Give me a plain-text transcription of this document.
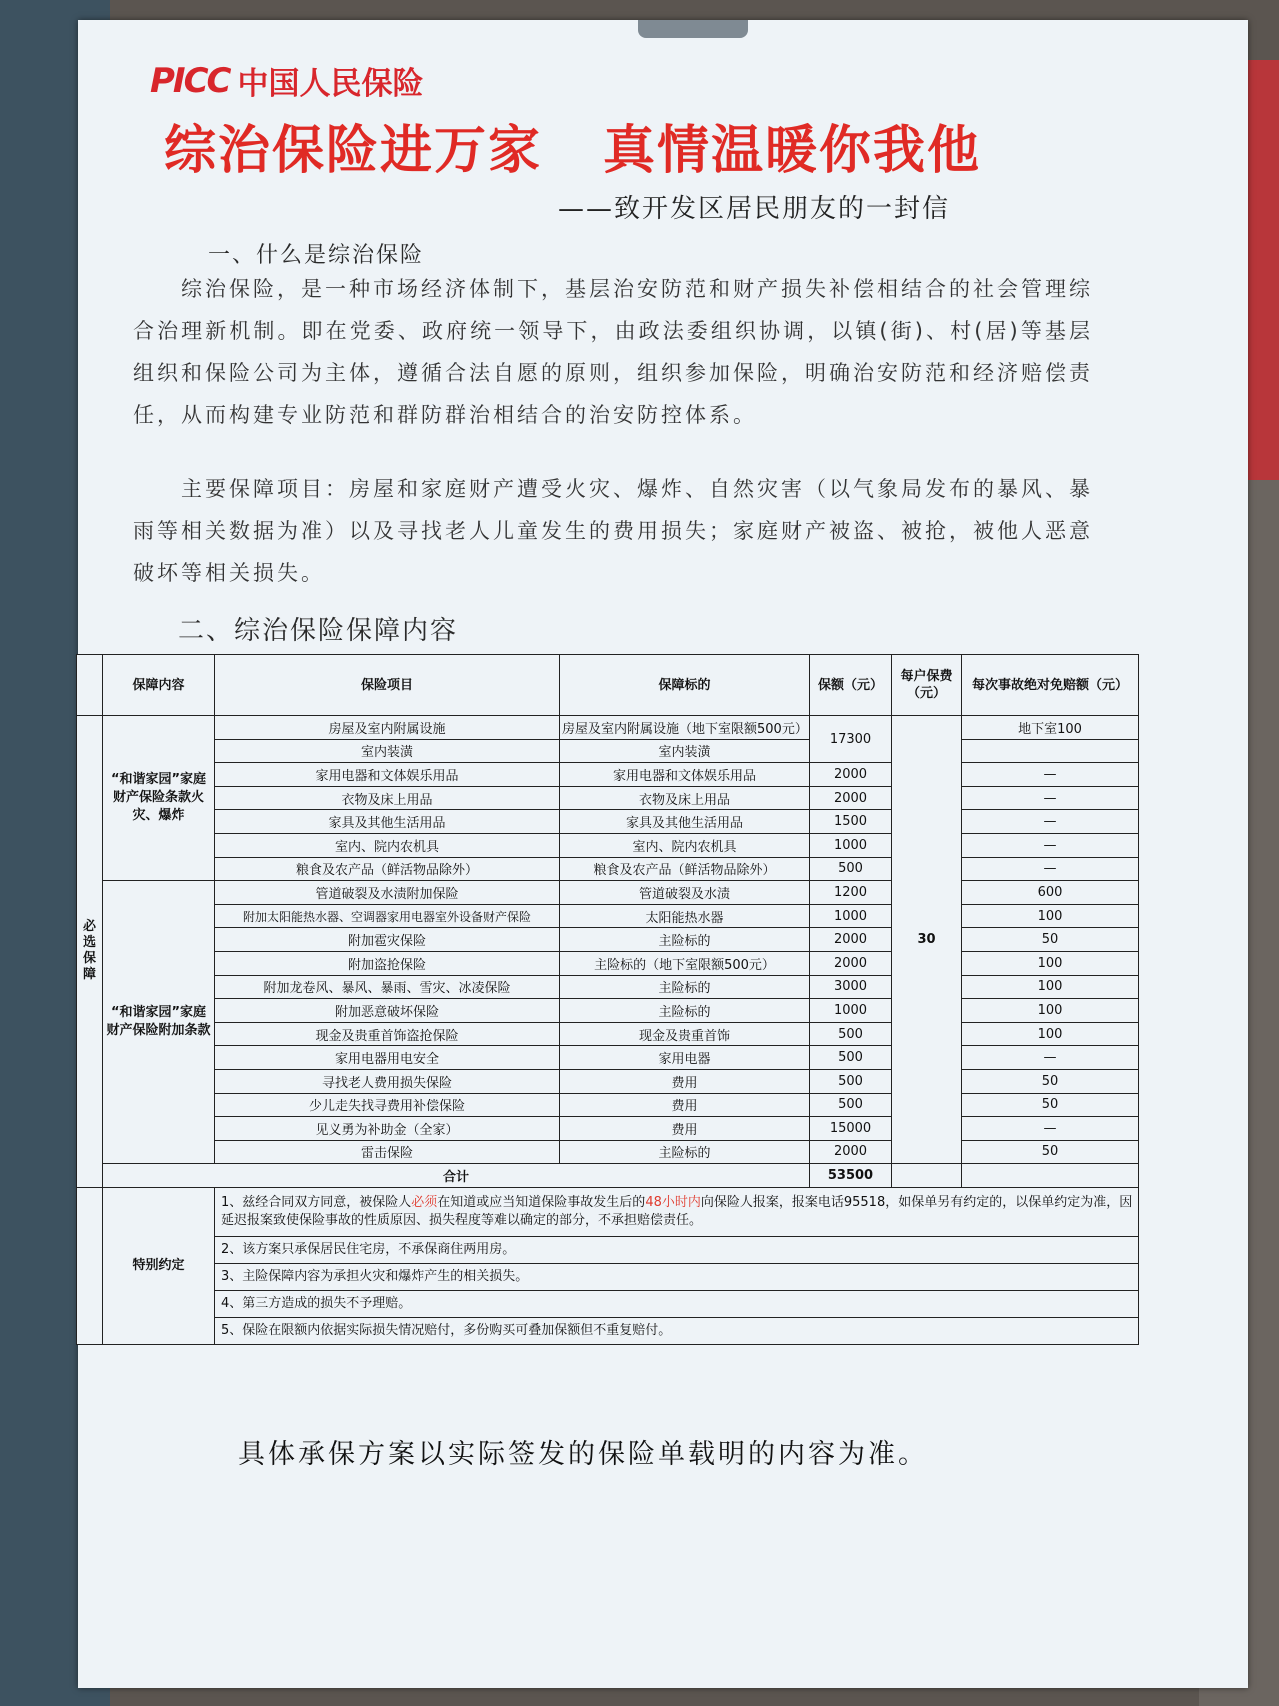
PICC 中国人民保险
综治保险进万家 真情温暖你我他
——致开发区居民朋友的一封信
一、什么是综治保险
　　综治保险，是一种市场经济体制下，基层治安防范和财产损失补偿相结合的社会管理综合治理新机制。即在党委、政府统一领导下，由政法委组织协调，以镇(街)、村(居)等基层组织和保险公司为主体，遵循合法自愿的原则，组织参加保险，明确治安防范和经济赔偿责任，从而构建专业防范和群防群治相结合的治安防控体系。
　　主要保障项目：房屋和家庭财产遭受火灾、爆炸、自然灾害（以气象局发布的暴风、暴雨等相关数据为准）以及寻找老人儿童发生的费用损失；家庭财产被盗、被抢，被他人恶意破坏等相关损失。
二、综治保险保障内容
	保障内容	保险项目	保障标的	保额（元）	每户保费（元）	每次事故绝对免赔额（元）
必选保障	“和谐家园”家庭财产保险条款火灾、爆炸	房屋及室内附属设施	房屋及室内附属设施（地下室限额500元）	17300	30	地下室100
		室内装潢	室内装潢			
		家用电器和文体娱乐用品	家用电器和文体娱乐用品	2000		—
		衣物及床上用品	衣物及床上用品	2000		—
		家具及其他生活用品	家具及其他生活用品	1500		—
		室内、院内农机具	室内、院内农机具	1000		—
		粮食及农产品（鲜活物品除外）	粮食及农产品（鲜活物品除外）	500		—
	“和谐家园”家庭财产保险附加条款	管道破裂及水渍附加保险	管道破裂及水渍	1200		600
		附加太阳能热水器、空调器家用电器室外设备财产保险	太阳能热水器	1000		100
		附加雹灾保险	主险标的	2000		50
		附加盗抢保险	主险标的（地下室限额500元）	2000		100
		附加龙卷风、暴风、暴雨、雪灾、冰凌保险	主险标的	3000		100
		附加恶意破坏保险	主险标的	1000		100
		现金及贵重首饰盗抢保险	现金及贵重首饰	500		100
		家用电器用电安全	家用电器	500		—
		寻找老人费用损失保险	费用	500		50
		少儿走失找寻费用补偿保险	费用	500		50
		见义勇为补助金（全家）	费用	15000		—
		雷击保险	主险标的	2000		50
	合计			53500		
	特别约定	1、兹经合同双方同意，被保险人必须在知道或应当知道保险事故发生后的48小时内向保险人报案，报案电话95518，如保单另有约定的，以保单约定为准，因延迟报案致使保险事故的性质原因、损失程度等难以确定的部分，不承担赔偿责任。				
		2、该方案只承保居民住宅房，不承保商住两用房。				
		3、主险保障内容为承担火灾和爆炸产生的相关损失。				
		4、第三方造成的损失不予理赔。				
		5、保险在限额内依据实际损失情况赔付，多份购买可叠加保额但不重复赔付。				
具体承保方案以实际签发的保险单载明的内容为准。
